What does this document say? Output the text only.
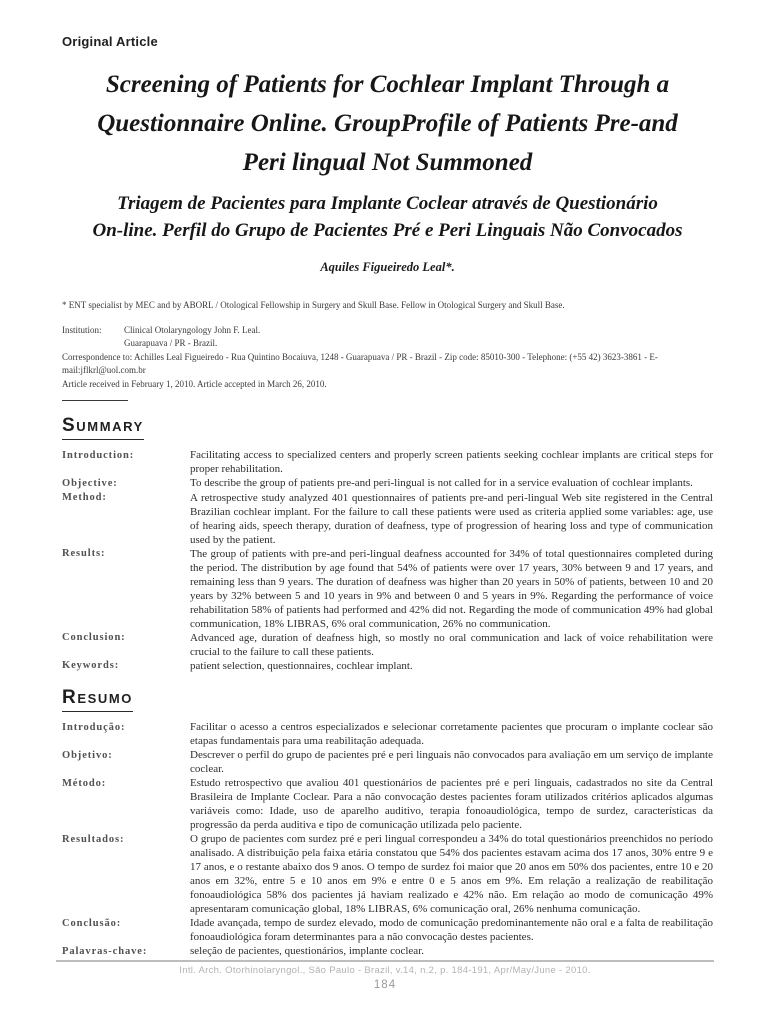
Original Article
Screening of Patients for Cochlear Implant Through a
Questionnaire Online. GroupProfile of Patients Pre-and
Peri lingual Not Summoned
Triagem de Pacientes para Implante Coclear através de Questionário
On-line. Perfil do Grupo de Pacientes Pré e Peri Linguais Não Convocados
Aquiles Figueiredo Leal*.
* ENT specialist by MEC and by ABORL / Otological Fellowship in Surgery and Skull Base. Fellow in Otological Surgery and Skull Base.
Institution:	Clinical Otolaryngology John F. Leal.
Guarapuava / PR - Brazil.
Correspondence to: Achilles Leal Figueiredo - Rua Quintino Bocaiuva, 1248 - Guarapuava / PR - Brazil - Zip code: 85010-300 - Telephone: (+55 42) 3623-3861 - E-mail:jflkrl@uol.com.br
Article received in February 1, 2010. Article accepted in March 26, 2010.
SUMMARY
Introduction:	Facilitating access to specialized centers and properly screen patients seeking cochlear implants are critical steps for proper rehabilitation.
Objective:	To describe the group of patients pre-and peri-lingual is not called for in a service evaluation of cochlear implants.
Method:	A retrospective study analyzed 401 questionnaires of patients pre-and peri-lingual Web site registered in the Central Brazilian cochlear implant. For the failure to call these patients were used as criteria applied some variables: age, use of hearing aids, speech therapy, duration of deafness, type of progression of hearing loss and type of communication used by the patient.
Results:	The group of patients with pre-and peri-lingual deafness accounted for 34% of total questionnaires completed during the period. The distribution by age found that 54% of patients were over 17 years, 30% between 9 and 17 years, and remaining less than 9 years. The duration of deafness was higher than 20 years in 50% of patients, between 10 and 20 years by 32% between 5 and 10 years in 9% and between 0 and 5 years in 9%. Regarding the performance of voice rehabilitation 58% of patients had performed and 42% did not. Regarding the mode of communication 49% had global communication, 18% LIBRAS, 6% oral communication, 26% no communication.
Conclusion:	Advanced age, duration of deafness high, so mostly no oral communication and lack of voice rehabilitation were crucial to the failure to call these patients.
Keywords:	patient selection, questionnaires, cochlear implant.
RESUMO
Introdução:	Facilitar o acesso a centros especializados e selecionar corretamente pacientes que procuram o implante coclear são etapas fundamentais para uma reabilitação adequada.
Objetivo:	Descrever o perfil do grupo de pacientes pré e peri linguais não convocados para avaliação em um serviço de implante coclear.
Método:	Estudo retrospectivo que avaliou 401 questionários de pacientes pré e peri linguais, cadastrados no site da Central Brasileira de Implante Coclear. Para a não convocação destes pacientes foram utilizados critérios aplicados algumas variáveis como: Idade, uso de aparelho auditivo, terapia fonoaudiológica, tempo de surdez, características da progressão da perda auditiva e tipo de comunicação utilizada pelo paciente.
Resultados:	O grupo de pacientes com surdez pré e peri lingual correspondeu a 34% do total questionários preenchidos no período analisado. A distribuição pela faixa etária constatou que 54% dos pacientes estavam acima dos 17 anos, 30% entre 9 e 17 anos, e o restante abaixo dos 9 anos. O tempo de surdez foi maior que 20 anos em 50% dos pacientes, entre 10 e 20 anos em 32%, entre 5 e 10 anos em 9% e entre 0 e 5 anos em 9%. Em relação a realização de reabilitação fonoaudiológica 58% dos pacientes já haviam realizado e 42% não. Em relação ao modo de comunicação 49% apresentaram comunicação global, 18% LIBRAS, 6% comunicação oral, 26% nenhuma comunicação.
Conclusão:	Idade avançada, tempo de surdez elevado, modo de comunicação predominantemente não oral e a falta de reabilitação fonoaudiológica foram determinantes para a não convocação destes pacientes.
Palavras-chave:	seleção de pacientes, questionários, implante coclear.
Intl. Arch. Otorhinolaryngol., São Paulo - Brazil, v.14, n.2, p. 184-191, Apr/May/June - 2010.
184
